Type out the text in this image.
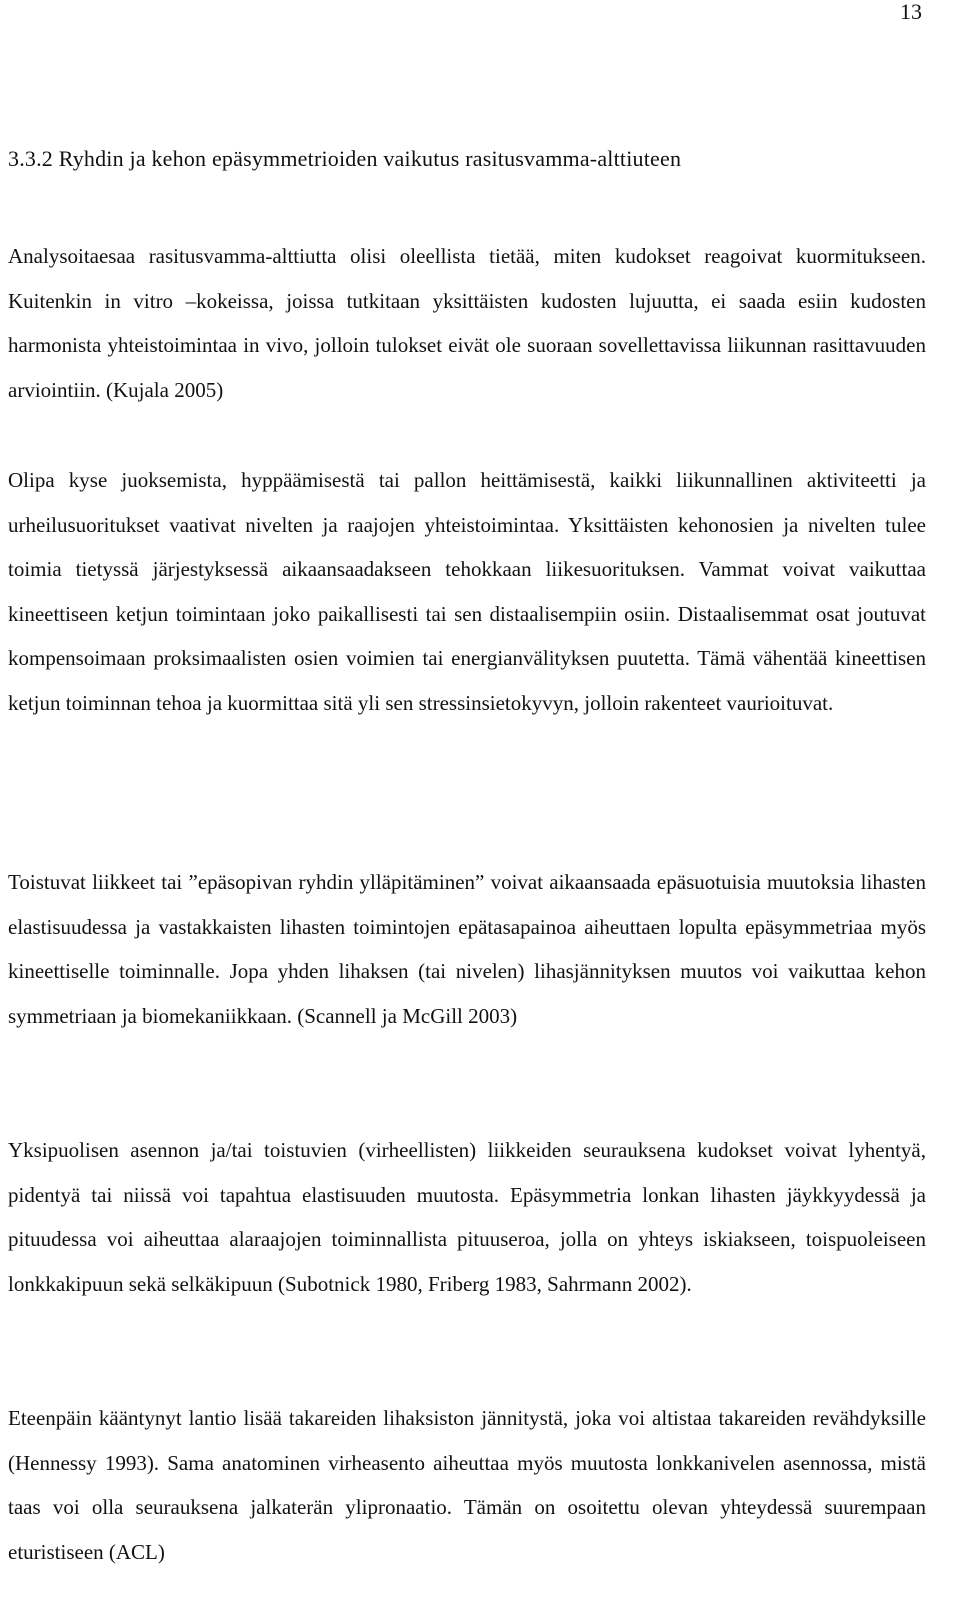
13
3.3.2 Ryhdin ja kehon epäsymmetrioiden vaikutus rasitusvamma-alttiuteen

Analysoitaesaa rasitusvamma-alttiutta olisi oleellista tietää, miten kudokset reagoivat kuormitukseen. Kuitenkin in vitro –kokeissa, joissa tutkitaan yksittäisten kudosten lujuutta, ei saada esiin kudosten harmonista yhteistoimintaa in vivo, jolloin tulokset eivät ole suoraan sovellettavissa liikunnan rasittavuuden arviointiin. (Kujala 2005)

Olipa kyse juoksemista, hyppäämisestä tai pallon heittämisestä, kaikki liikunnallinen aktiviteetti ja urheilusuoritukset vaativat nivelten ja raajojen yhteistoimintaa. Yksittäisten kehonosien ja nivelten tulee toimia tietyssä järjestyksessä aikaansaadakseen tehokkaan liikesuorituksen. Vammat voivat vaikuttaa kineettiseen ketjun toimintaan joko paikallisesti tai sen distaalisempiin osiin. Distaalisemmat osat joutuvat kompensoimaan proksimaalisten osien voimien tai energianvälityksen puutetta. Tämä vähentää kineettisen ketjun toiminnan tehoa ja kuormittaa sitä yli sen stressinsietokyvyn, jolloin rakenteet vaurioituvat.

Toistuvat liikkeet tai ”epäsopivan ryhdin ylläpitäminen” voivat aikaansaada epäsuotuisia muutoksia lihasten elastisuudessa ja vastakkaisten lihasten toimintojen epätasapainoa aiheuttaen lopulta epäsymmetriaa myös kineettiselle toiminnalle. Jopa yhden lihaksen (tai nivelen) lihasjännityksen muutos voi vaikuttaa kehon symmetriaan ja biomekaniikkaan. (Scannell ja McGill 2003)

Yksipuolisen asennon ja/tai toistuvien (virheellisten) liikkeiden seurauksena kudokset voivat lyhentyä, pidentyä tai niissä voi tapahtua elastisuuden muutosta. Epäsymmetria lonkan lihasten jäykkyydessä ja pituudessa voi aiheuttaa alaraajojen toiminnallista pituuseroa, jolla on yhteys iskiakseen, toispuoleiseen lonkkakipuun sekä selkäkipuun (Subotnick 1980, Friberg 1983, Sahrmann 2002).

Eteenpäin kääntynyt lantio lisää takareiden lihaksiston jännitystä, joka voi altistaa takareiden revähdyksille (Hennessy 1993). Sama anatominen virheasento aiheuttaa myös muutosta lonkkanivelen asennossa, mistä taas voi olla seurauksena jalkaterän ylipronaatio. Tämän on osoitettu olevan yhteydessä suurempaan eturistiseen (ACL)
